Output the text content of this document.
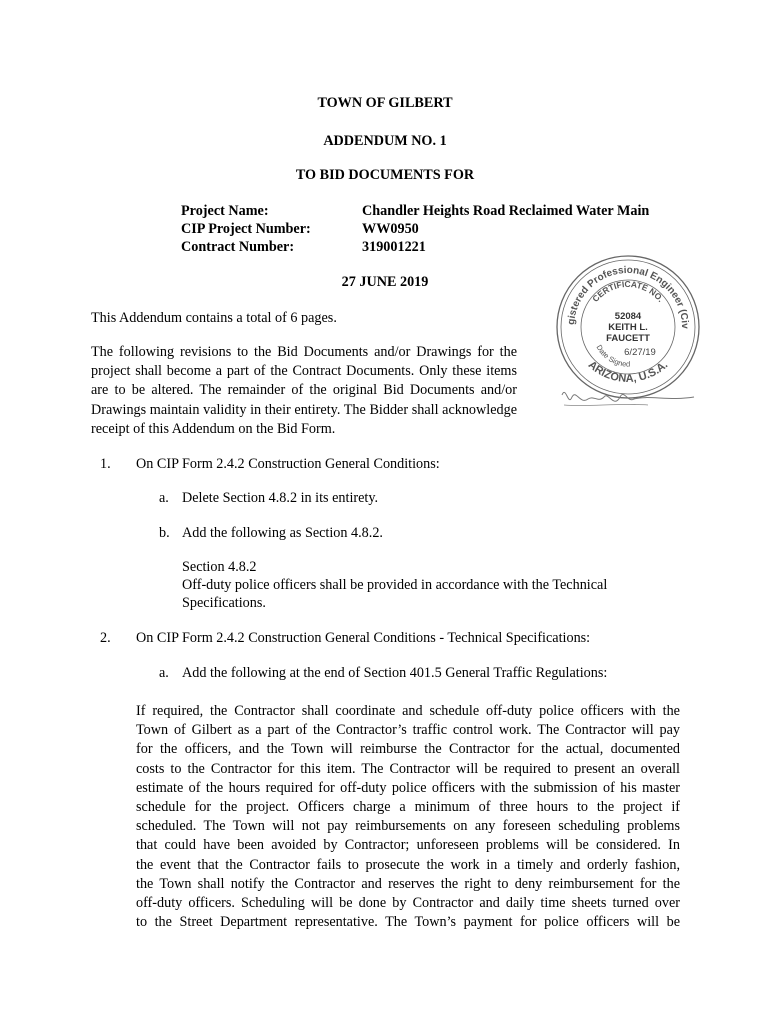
TOWN OF GILBERT
ADDENDUM NO. 1
TO BID DOCUMENTS FOR
Project Name:	Chandler Heights Road Reclaimed Water Main
CIP Project Number:	WW0950
Contract Number:	319001221
27 JUNE 2019
This Addendum contains a total of 6 pages.

The following revisions to the Bid Documents and/or Drawings for the project shall become a part of the Contract Documents. Only these items are to be altered. The remainder of the original Bid Documents and/or Drawings maintain validity in their entirety. The Bidder shall acknowledge receipt of this Addendum on the Bid Form.

gistered Professional Engineer (Civ
CERTIFICATE NO.
52084
KEITH L.
FAUCETT
Date Signed
6/27/19
ARIZONA, U.S.A.
1.	On CIP Form 2.4.2 Construction General Conditions:
a. Delete Section 4.8.2 in its entirety.
b. Add the following as Section 4.8.2.
Section 4.8.2
Off-duty police officers shall be provided in accordance with the Technical
Specifications.
2.	On CIP Form 2.4.2 Construction General Conditions - Technical Specifications:
a. Add the following at the end of Section 401.5 General Traffic Regulations:
If required, the Contractor shall coordinate and schedule off-duty police officers with the
Town of Gilbert as a part of the Contractor’s traffic control work. The Contractor will pay
for the officers, and the Town will reimburse the Contractor for the actual, documented
costs to the Contractor for this item. The Contractor will be required to present an overall
estimate of the hours required for off-duty police officers with the submission of his master
schedule for the project. Officers charge a minimum of three hours to the project if
scheduled. The Town will not pay reimbursements on any foreseen scheduling problems
that could have been avoided by Contractor; unforeseen problems will be considered. In
the event that the Contractor fails to prosecute the work in a timely and orderly fashion,
the Town shall notify the Contractor and reserves the right to deny reimbursement for the
off-duty officers. Scheduling will be done by Contractor and daily time sheets turned over
to the Street Department representative. The Town’s payment for police officers will be
